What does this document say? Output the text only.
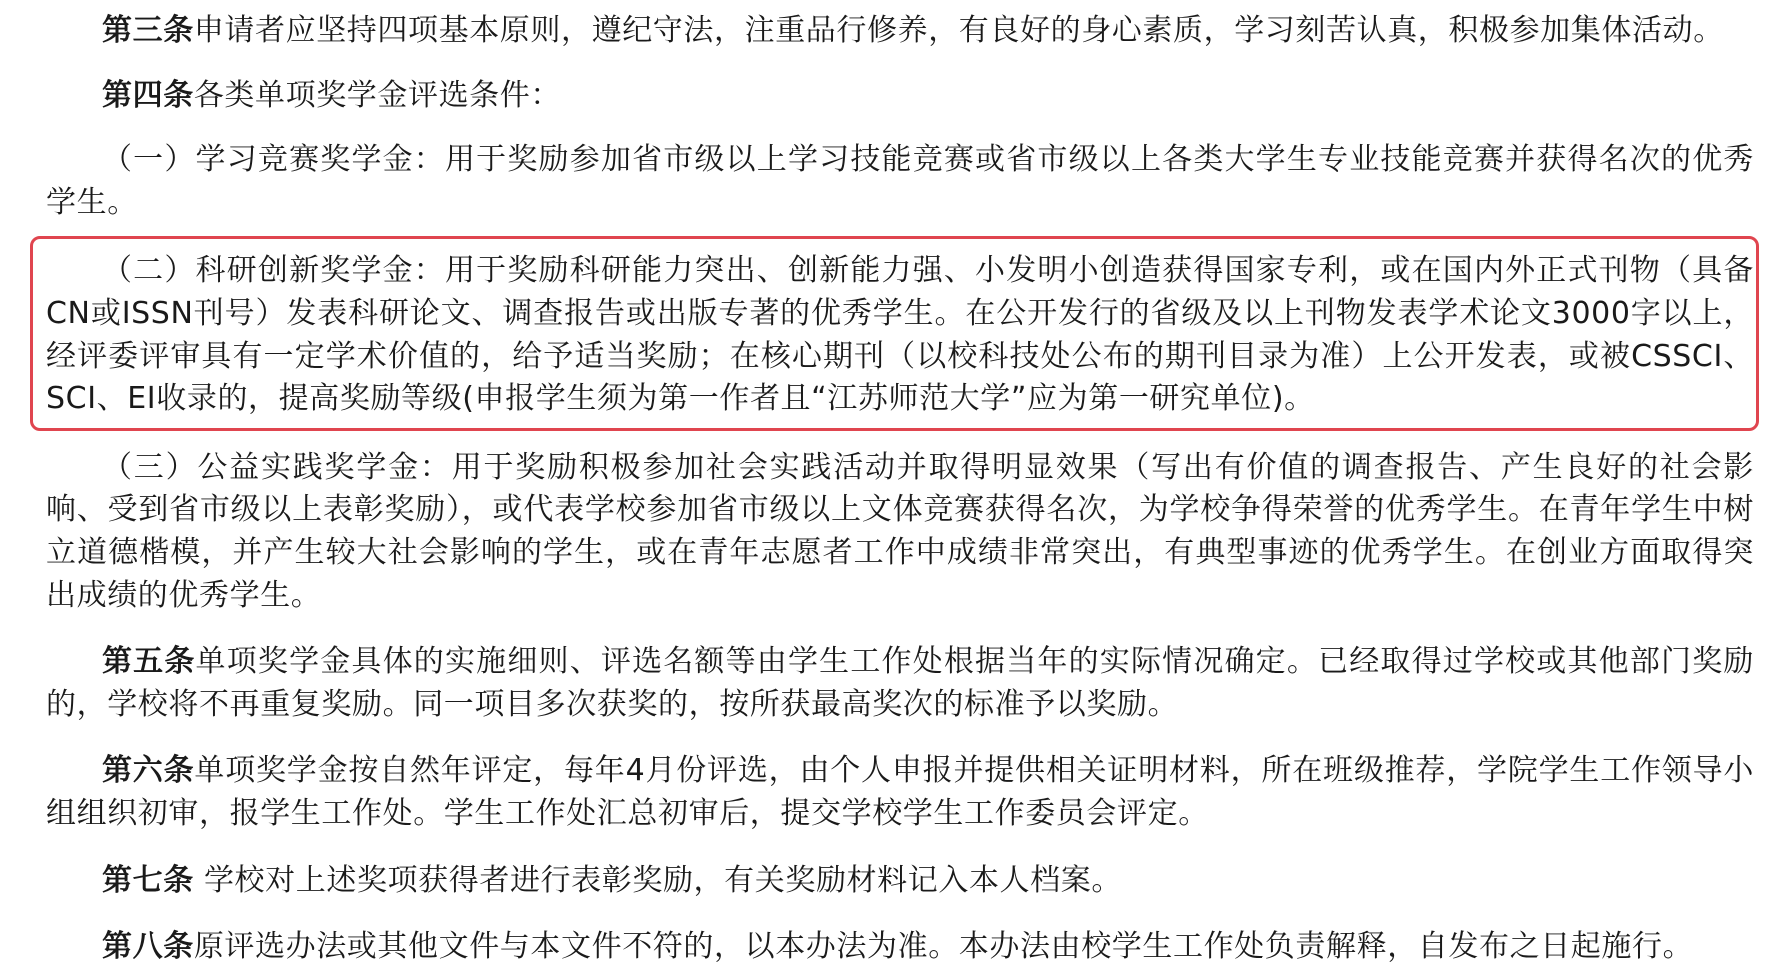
第三条申请者应坚持四项基本原则，遵纪守法，注重品行修养，有良好的身心素质，学习刻苦认真，积极参加集体活动。

第四条各类单项奖学金评选条件：

（一）学习竞赛奖学金：用于奖励参加省市级以上学习技能竞赛或省市级以上各类大学生专业技能竞赛并获得名次的优秀学生。

（二）科研创新奖学金：用于奖励科研能力突出、创新能力强、小发明小创造获得国家专利，或在国内外正式刊物（具备CN或ISSN刊号）发表科研论文、调查报告或出版专著的优秀学生。在公开发行的省级及以上刊物发表学术论文3000字以上，经评委评审具有一定学术价值的，给予适当奖励；在核心期刊（以校科技处公布的期刊目录为准）上公开发表，或被CSSCI、SCI、EI收录的，提高奖励等级(申报学生须为第一作者且“江苏师范大学”应为第一研究单位)。

（三）公益实践奖学金：用于奖励积极参加社会实践活动并取得明显效果（写出有价值的调查报告、产生良好的社会影响、受到省市级以上表彰奖励），或代表学校参加省市级以上文体竞赛获得名次，为学校争得荣誉的优秀学生。在青年学生中树立道德楷模，并产生较大社会影响的学生，或在青年志愿者工作中成绩非常突出，有典型事迹的优秀学生。在创业方面取得突出成绩的优秀学生。

第五条单项奖学金具体的实施细则、评选名额等由学生工作处根据当年的实际情况确定。已经取得过学校或其他部门奖励的，学校将不再重复奖励。同一项目多次获奖的，按所获最高奖次的标准予以奖励。

第六条单项奖学金按自然年评定，每年4月份评选，由个人申报并提供相关证明材料，所在班级推荐，学院学生工作领导小组组织初审，报学生工作处。学生工作处汇总初审后，提交学校学生工作委员会评定。

第七条 学校对上述奖项获得者进行表彰奖励，有关奖励材料记入本人档案。

第八条原评选办法或其他文件与本文件不符的，以本办法为准。本办法由校学生工作处负责解释，自发布之日起施行。
